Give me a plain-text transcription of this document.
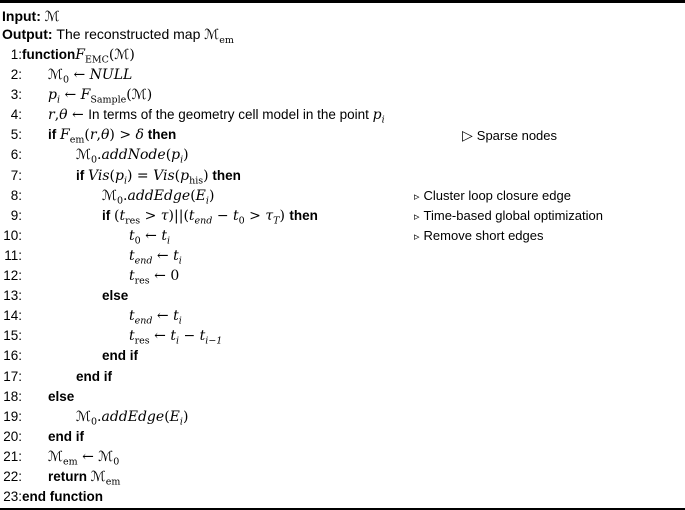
Input: ℳ
Output: The reconstructed map ℳ$_{em}$
1: functionF$_{EMC}$(ℳ)
2:	ℳ$_0$ ← NULL
3:	$p_i$ ← $F_{Sample}(ℳ)$
4:	r,θ ← In terms of the geometry cell model in the point $p_i$
5:	if $F_{em}(r,\theta) > \delta$ then	▷ Sparse nodes
6:	$ℳ_0.addNode(p_i)$
7:	if $Vis(p_i) = Vis(p_{his})$ then
8:	$ℳ_0.addEdge(E_i)$	▹ Cluster loop closure edge
9:	if $(t_{res} > \tau)||(t_{end} - t_0 > \tau_T)$ then	▹ Time-based global optimization
10:	$t_0$ ← $t_i$	▹ Remove short edges
11:	$t_{end}$ ← $t_i$
12:	$t_{res}$ ← 0
13:	else
14:	$t_{end}$ ← $t_i$
15:	$t_{res}$ ← $t_i - t_{i-1}$
16:	end if
17:	end if
18:	else
19:	$ℳ_0.addEdge(E_i)$
20:	end if
21:	ℳ$_{em}$ ← ℳ$_0$
22:	return ℳ$_{em}$
23: end function
